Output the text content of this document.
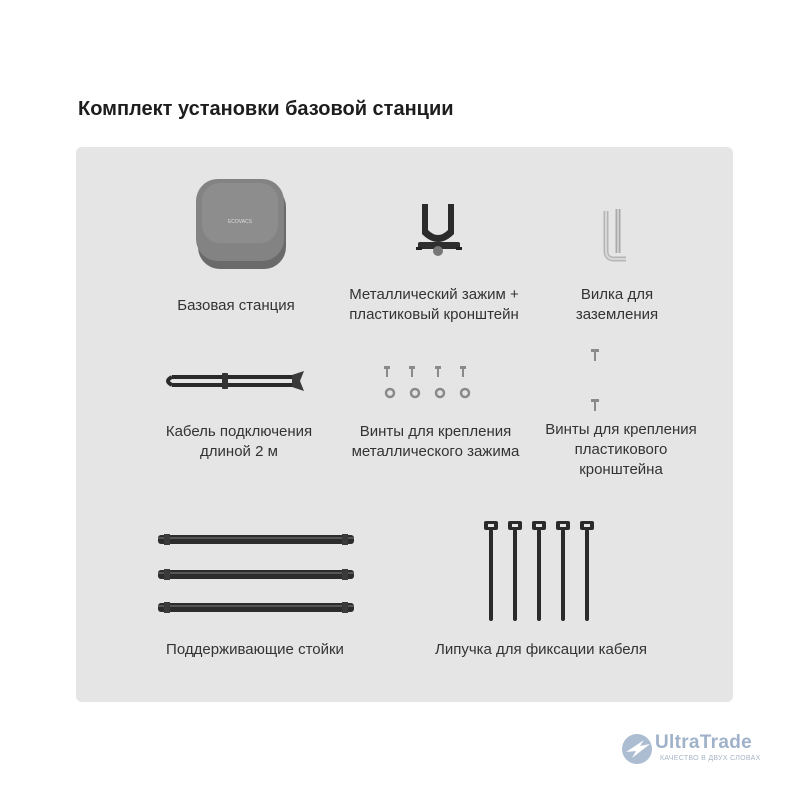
Комплект установки базовой станции
ECOVACS
Базовая станция
Металлический зажим +
пластиковый кронштейн
Вилка для
заземления
Кабель подключения
длиной 2 м
Винты для крепления
металлического зажима
Винты для крепления
пластикового
кронштейна
Поддерживающие стойки	Липучка для фиксации кабеля
UltraTrade
КАЧЕСТВО В ДВУХ СЛОВАХ
